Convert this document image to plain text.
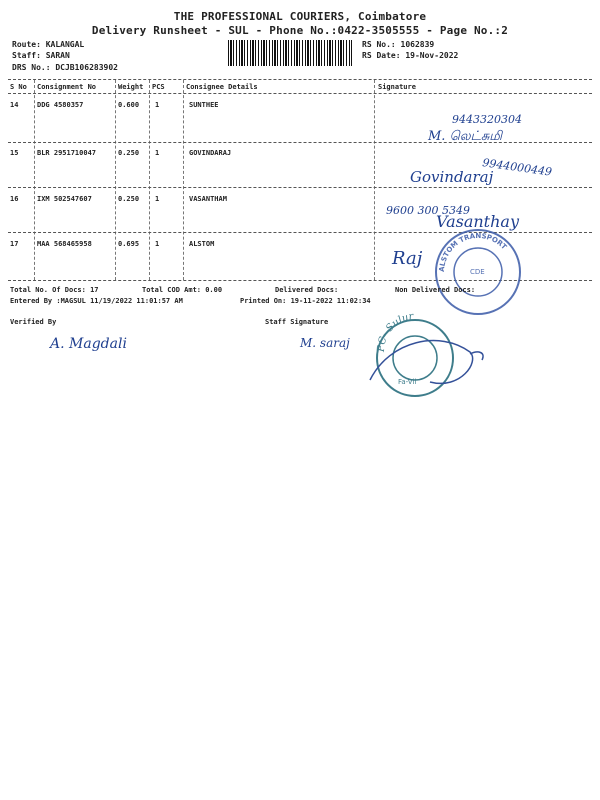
THE PROFESSIONAL COURIERS, Coimbatore
Delivery Runsheet - SUL - Phone No.:0422-3505555 - Page No.:2
Route: KALANGAL
Staff: SARAN
DRS No.: DCJB106283902
RS No.: 1062839
RS Date: 19-Nov-2022
S No Consignment No	Weight PCS	Consignee Details	Signature
14	DDG 4580357	0.600 1	SUNTHEE
15	BLR 2951710047	0.250 1	GOVINDARAJ
16	IXM 502547607	0.250 1	VASANTHAM
17	MAA 568465958	0.695 1	ALSTOM
9443320304
M. லெட்சுமி
9944000449
Govindaraj
9600 300 5349
Vasanthay
Raj
ALSTOM TRANSPORT
CDE
PC- Sulur
Fa-Vil
A. Magdali	M. saraj
Total No. Of Docs: 17	Total COD Amt: 0.00	Delivered Docs:	Non Delivered Docs:
Entered By :MAGSUL 11/19/2022 11:01:57 AM	Printed On: 19-11-2022 11:02:34
Verified By	Staff Signature
